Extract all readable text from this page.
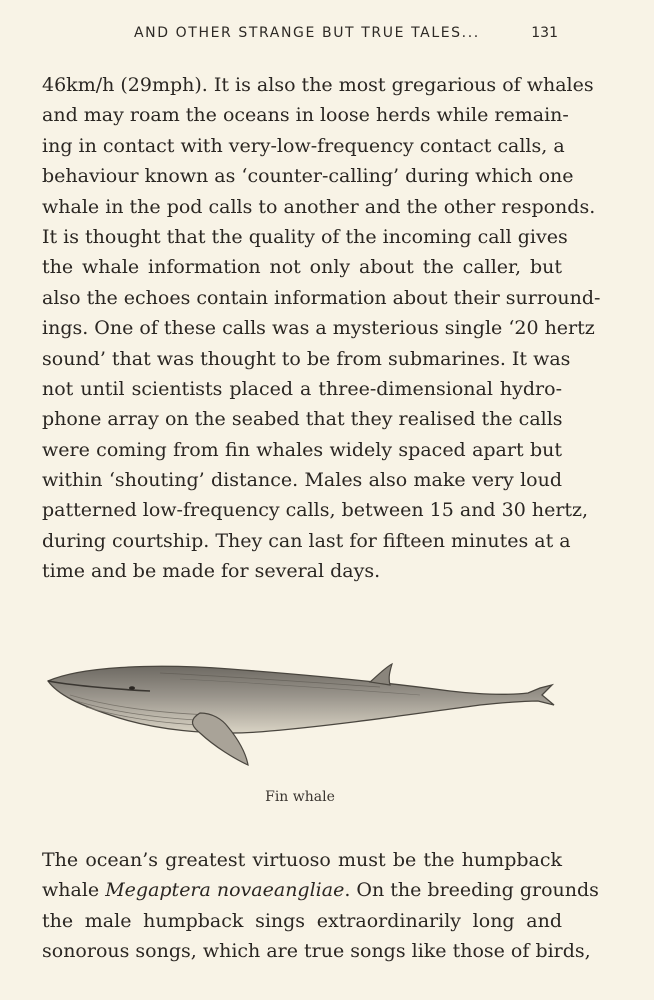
AND OTHER STRANGE BUT TRUE TALES...	131
46km/h (29mph). It is also the most gregarious of whales
and may roam the oceans in loose herds while remain-
ing in contact with very-low-frequency contact calls, a
behaviour known as ‘counter-calling’ during which one
whale in the pod calls to another and the other responds.
It is thought that the quality of the incoming call gives
the whale information not only about the caller, but
also the echoes contain information about their surround-
ings. One of these calls was a mysterious single ‘20 hertz
sound’ that was thought to be from submarines. It was
not until scientists placed a three-dimensional hydro-
phone array on the seabed that they realised the calls
were coming from fin whales widely spaced apart but
within ‘shouting’ distance. Males also make very loud
patterned low-frequency calls, between 15 and 30 hertz,
during courtship. They can last for fifteen minutes at a
time and be made for several days.
Fin whale
The ocean’s greatest virtuoso must be the humpback
whale Megaptera novaeangliae. On the breeding grounds
the male humpback sings extraordinarily long and
sonorous songs, which are true songs like those of birds,
